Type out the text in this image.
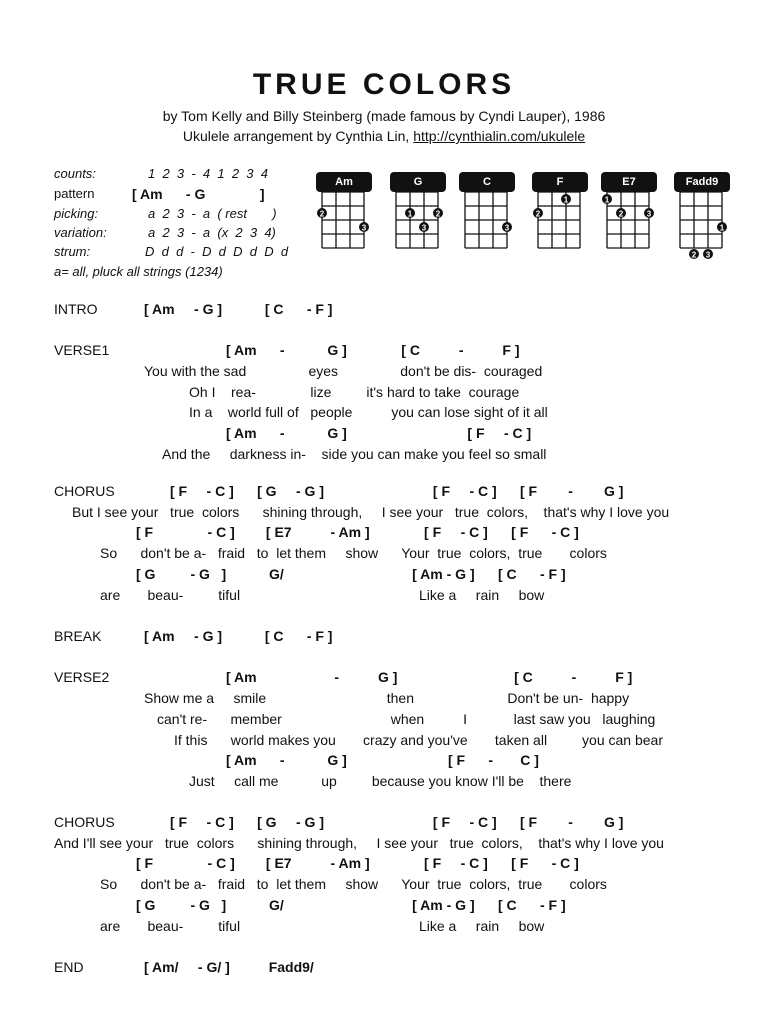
TRUE COLORS
by Tom Kelly and Billy Steinberg (made famous by Cyndi Lauper), 1986
Ukulele arrangement by Cynthia Lin, http://cynthialin.com/ukulele
counts:	1  2  3  -  4  1  2  3  4
pattern	[ Am      - G              ]
picking:	a  2  3  -  a  ( rest       )
variation:	a  2  3  -  a  (x  2  3  4)
strum:	D  d  d  -  D  d  D  d  D  d
a= all, pluck all strings (1234)
2
3
Am
1	2
3
G
3
C
1
2
F
1
2	3
E7
1
2 3
Fadd9
INTRO	[ Am     - G ]           [ C      - F ]
VERSE1	[ Am      -           G ]              [ C          -          F ]
You with the sad                eyes                don't be dis-  couraged
Oh I    rea-              lize         it's hard to take  courage
In a    world full of   people          you can lose sight of it all
[ Am      -           G ]                               [ F     - C ]
And the     darkness in-    side you can make you feel so small
CHORUS	[ F     - C ]      [ G     - G ]                            [ F     - C ]      [ F        -        G ]
But I see your   true  colors      shining through,     I see your   true  colors,    that's why I love you
[ F              - C ]        [ E7          - Am ]              [ F     - C ]      [ F      - C ]
So      don't be a-   fraid   to  let them     show      Your  true  colors,  true       colors
[ G         - G   ]           G/                                 [ Am - G ]      [ C      - F ]
are       beau-         tiful                                              Like a     rain     bow
BREAK	[ Am     - G ]           [ C      - F ]
VERSE2	[ Am                    -          G ]                              [ C          -          F ]
Show me a     smile                               then                        Don't be un-  happy
can't re-      member                            when          I            last saw you   laughing
If this      world makes you       crazy and you've       taken all         you can bear
[ Am      -           G ]                          [ F      -       C ]
Just     call me           up         because you know I'll be    there
CHORUS	[ F     - C ]      [ G     - G ]                            [ F     - C ]      [ F        -        G ]
And I'll see your   true  colors      shining through,     I see your   true  colors,    that's why I love you
[ F              - C ]        [ E7          - Am ]              [ F     - C ]      [ F      - C ]
So      don't be a-   fraid   to  let them     show      Your  true  colors,  true       colors
[ G         - G   ]           G/                                 [ Am - G ]      [ C      - F ]
are       beau-         tiful                                              Like a     rain     bow
END	[ Am/     - G/ ]          Fadd9/
